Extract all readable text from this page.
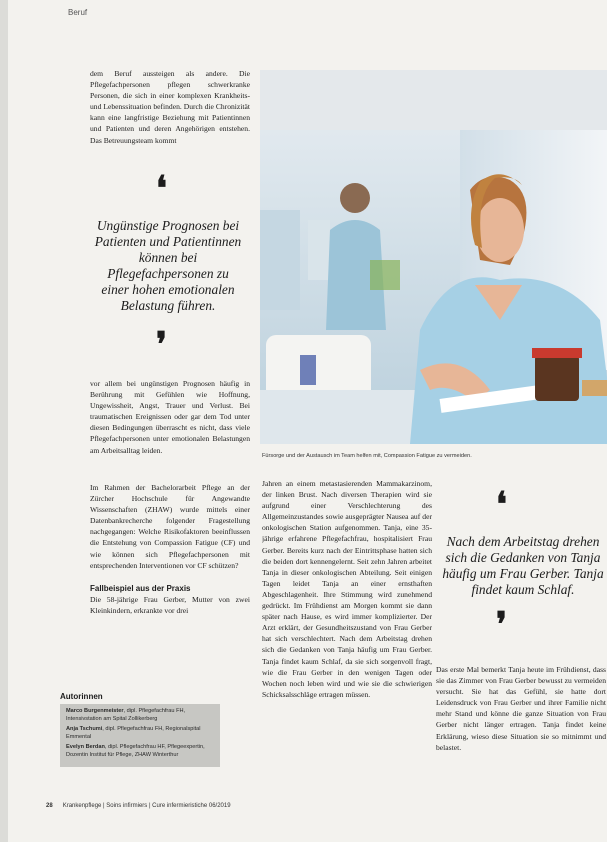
Beruf
dem Beruf aussteigen als andere. Die Pflegefachpersonen pflegen schwerkranke Personen, die sich in einer komplexen Krankheits- und Lebenssituation befinden. Durch die Chronizität kann eine langfristige Beziehung mit Patientinnen und Patienten und deren Angehörigen entstehen. Das Betreuungsteam kommt
❛
Ungünstige Prognosen bei Patienten und Patientinnen können bei Pflegefachpersonen zu einer hohen emotionalen Belastung führen.
❜
vor allem bei ungünstigen Prognosen häufig in Berührung mit Gefühlen wie Hoffnung, Ungewissheit, Angst, Trauer und Verlust. Bei traumatischen Ereignissen oder gar dem Tod unter diesen Bedingungen überrascht es nicht, dass viele Pflegefachpersonen unter emotionalen Belastungen am Arbeitsalltag leiden.
Im Rahmen der Bachelorarbeit Pflege an der Zürcher Hochschule für Angewandte Wissenschaften (ZHAW) wurde mittels einer Datenbankrecherche folgender Fragestellung nachgegangen: Welche Risikofaktoren beeinflussen die Entstehung von Compassion Fatigue (CF) und wie können sich Pflegefachpersonen mit entsprechenden Interventionen vor CF schützen?
Fallbeispiel aus der Praxis
Die 58-jährige Frau Gerber, Mutter von zwei Kleinkindern, erkrankte vor drei
Fürsorge und der Austausch im Team helfen mit, Compassion Fatigue zu vermeiden.
Jahren an einem metastasierenden Mammakarzinom, der linken Brust. Nach diversen Therapien wird sie aufgrund einer Verschlechterung des Allgemeinzustandes sowie ausgeprägter Nausea auf der onkologischen Station aufgenommen. Tanja, eine 35-jährige erfahrene Pflegefachfrau, hospitalisiert Frau Gerber. Bereits kurz nach der Eintrittsphase hatten sich die beiden dort kennengelernt. Seit zehn Jahren arbeitet Tanja in dieser onkologischen Abteilung. Seit einigen Tagen leidet Tanja an einer ernsthaften Abgeschlagenheit. Ihre Stimmung wird zunehmend gedrückt. Im Frühdienst am Morgen kommt sie dann später nach Hause, es wird immer komplizierter. Der Arzt erklärt, der Gesundheitszustand von Frau Gerber hat sich verschlechtert. Nach dem Arbeitstag drehen sich die Gedanken von Tanja häufig um Frau Gerber. Tanja findet kaum Schlaf, da sie sich sorgenvoll fragt, wie die Frau Gerber in den wenigen Tagen oder Wochen noch leben wird und wie sie die schwierigen Schicksalsschläge ertragen müssen.
❛
Nach dem Arbeitstag drehen sich die Gedanken von Tanja häufig um Frau Gerber. Tanja findet kaum Schlaf.
❜
Das erste Mal bemerkt Tanja heute im Frühdienst, dass sie das Zimmer von Frau Gerber bewusst zu vermeiden versucht. Sie hat das Gefühl, sie hatte dort Leidensdruck von Frau Gerber und ihrer Familie nicht mehr Stand und könne die ganze Situation von Frau Gerber nicht länger ertragen. Tanja findet keine Erklärung, wieso diese Situation sie so mitnimmt und belastet.
Autorinnen
Marco Burgenmeister, dipl. Pflegefachfrau FH, Intensivstation am Spital Zollikerberg
Anja Tschumi, dipl. Pflegefachfrau FH, Regionalspital Emmental
Evelyn Berdan, dipl. Pflegefachfrau HF, Pflegeexpertin, Dozentin Institut für Pflege, ZHAW Winterthur
28 Krankenpflege | Soins infirmiers | Cure infermieristiche 06/2019
